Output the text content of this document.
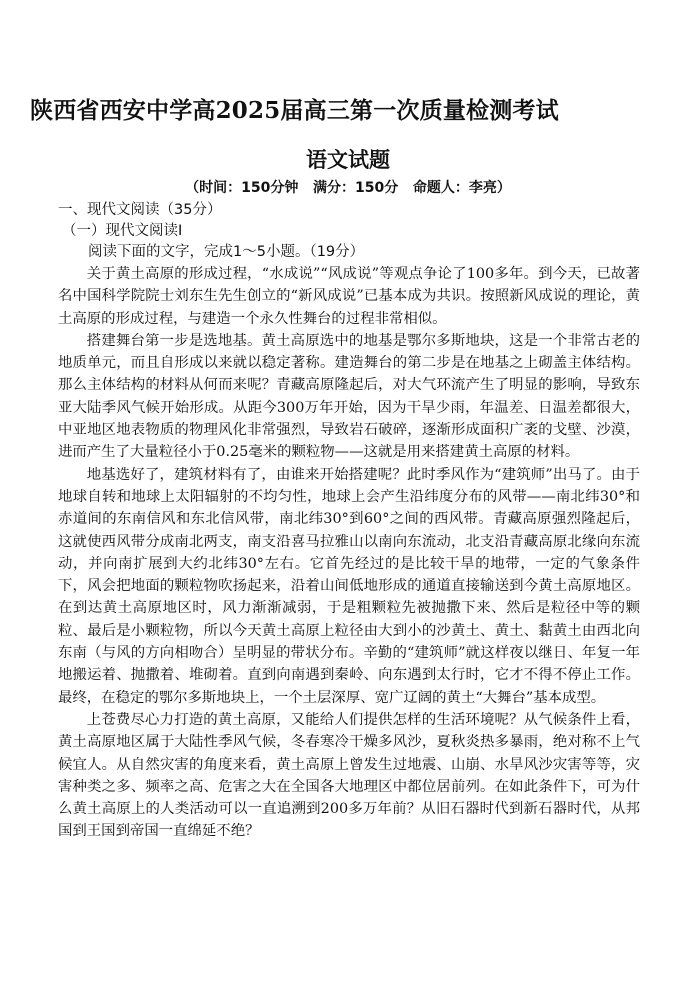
陕西省西安中学高2025届高三第一次质量检测考试
语文试题
（时间：150分钟   满分：150分   命题人：李亮）
一、现代文阅读（35分）
（一）现代文阅读Ⅰ
阅读下面的文字，完成1～5小题。（19分）

关于黄土高原的形成过程，“水成说”“风成说”等观点争论了100多年。到今天，已故著名中国科学院院士刘东生先生创立的“新风成说”已基本成为共识。按照新风成说的理论，黄土高原的形成过程，与建造一个永久性舞台的过程非常相似。

搭建舞台第一步是选地基。黄土高原选中的地基是鄂尔多斯地块，这是一个非常古老的地质单元，而且自形成以来就以稳定著称。建造舞台的第二步是在地基之上砌盖主体结构。那么主体结构的材料从何而来呢？青藏高原隆起后，对大气环流产生了明显的影响，导致东亚大陆季风气候开始形成。从距今300万年开始，因为干旱少雨，年温差、日温差都很大，中亚地区地表物质的物理风化非常强烈，导致岩石破碎，逐渐形成面积广袤的戈壁、沙漠，进而产生了大量粒径小于0.25毫米的颗粒物——这就是用来搭建黄土高原的材料。

地基选好了，建筑材料有了，由谁来开始搭建呢？此时季风作为“建筑师”出马了。由于地球自转和地球上太阳辐射的不均匀性，地球上会产生沿纬度分布的风带——南北纬30°和赤道间的东南信风和东北信风带，南北纬30°到60°之间的西风带。青藏高原强烈隆起后，这就使西风带分成南北两支，南支沿喜马拉雅山以南向东流动，北支沿青藏高原北缘向东流动，并向南扩展到大约北纬30°左右。它首先经过的是比较干旱的地带，一定的气象条件下，风会把地面的颗粒物吹扬起来，沿着山间低地形成的通道直接输送到今黄土高原地区。在到达黄土高原地区时，风力渐渐减弱，于是粗颗粒先被抛撒下来、然后是粒径中等的颗粒、最后是小颗粒物，所以今天黄土高原上粒径由大到小的沙黄土、黄土、黏黄土由西北向东南（与风的方向相吻合）呈明显的带状分布。辛勤的“建筑师”就这样夜以继日、年复一年地搬运着、抛撒着、堆砌着。直到向南遇到秦岭、向东遇到太行时，它才不得不停止工作。最终，在稳定的鄂尔多斯地块上，一个土层深厚、宽广辽阔的黄土“大舞台”基本成型。

上苍费尽心力打造的黄土高原，又能给人们提供怎样的生活环境呢？从气候条件上看，黄土高原地区属于大陆性季风气候，冬春寒冷干燥多风沙，夏秋炎热多暴雨，绝对称不上气候宜人。从自然灾害的角度来看，黄土高原上曾发生过地震、山崩、水旱风沙灾害等等，灾害种类之多、频率之高、危害之大在全国各大地理区中都位居前列。在如此条件下，可为什么黄土高原上的人类活动可以一直追溯到200多万年前？从旧石器时代到新石器时代，从邦国到王国到帝国一直绵延不绝？
